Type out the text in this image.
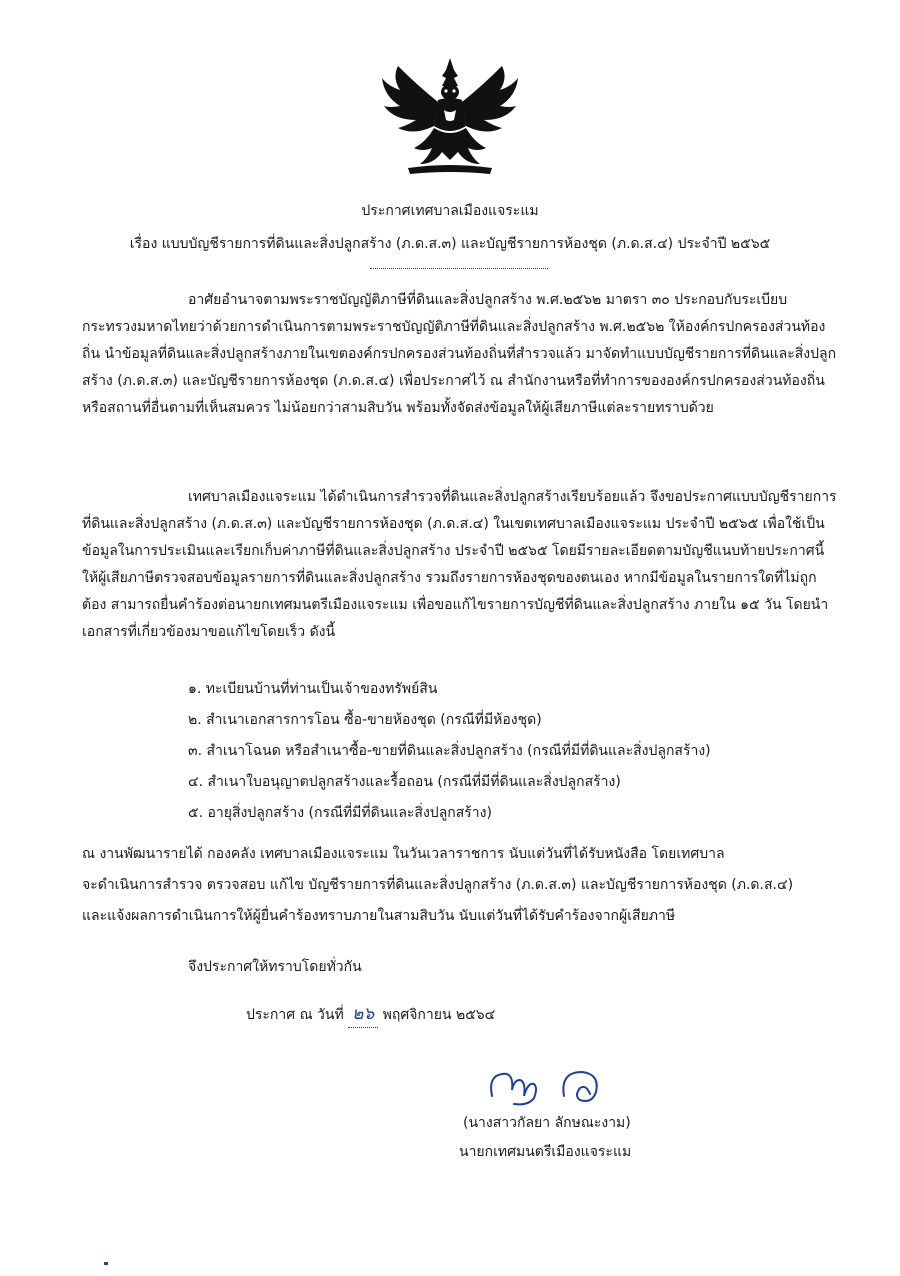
ประกาศเทศบาลเมืองแจระแม
เรื่อง แบบบัญชีรายการที่ดินและสิ่งปลูกสร้าง (ภ.ด.ส.๓) และบัญชีรายการห้องชุด (ภ.ด.ส.๔) ประจำปี ๒๕๖๕

อาศัยอำนาจตามพระราชบัญญัติภาษีที่ดินและสิ่งปลูกสร้าง พ.ศ.๒๕๖๒ มาตรา ๓๐ ประกอบกับระเบียบกระทรวงมหาดไทยว่าด้วยการดำเนินการตามพระราชบัญญัติภาษีที่ดินและสิ่งปลูกสร้าง พ.ศ.๒๕๖๒ ให้องค์กรปกครองส่วนท้องถิ่น นำข้อมูลที่ดินและสิ่งปลูกสร้างภายในเขตองค์กรปกครองส่วนท้องถิ่นที่สำรวจแล้ว มาจัดทำแบบบัญชีรายการที่ดินและสิ่งปลูกสร้าง (ภ.ด.ส.๓) และบัญชีรายการห้องชุด (ภ.ด.ส.๔) เพื่อประกาศไว้ ณ สำนักงานหรือที่ทำการขององค์กรปกครองส่วนท้องถิ่น หรือสถานที่อื่นตามที่เห็นสมควร ไม่น้อยกว่าสามสิบวัน พร้อมทั้งจัดส่งข้อมูลให้ผู้เสียภาษีแต่ละรายทราบด้วย

เทศบาลเมืองแจระแม ได้ดำเนินการสำรวจที่ดินและสิ่งปลูกสร้างเรียบร้อยแล้ว จึงขอประกาศแบบบัญชีรายการที่ดินและสิ่งปลูกสร้าง (ภ.ด.ส.๓) และบัญชีรายการห้องชุด (ภ.ด.ส.๔) ในเขตเทศบาลเมืองแจระแม ประจำปี ๒๕๖๕ เพื่อใช้เป็นข้อมูลในการประเมินและเรียกเก็บค่าภาษีที่ดินและสิ่งปลูกสร้าง ประจำปี ๒๕๖๕ โดยมีรายละเอียดตามบัญชีแนบท้ายประกาศนี้ ให้ผู้เสียภาษีตรวจสอบข้อมูลรายการที่ดินและสิ่งปลูกสร้าง รวมถึงรายการห้องชุดของตนเอง หากมีข้อมูลในรายการใดที่ไม่ถูกต้อง สามารถยื่นคำร้องต่อนายกเทศมนตรีเมืองแจระแม เพื่อขอแก้ไขรายการบัญชีที่ดินและสิ่งปลูกสร้าง ภายใน ๑๕ วัน โดยนำเอกสารที่เกี่ยวข้องมาขอแก้ไขโดยเร็ว ดังนี้

๑. ทะเบียนบ้านที่ท่านเป็นเจ้าของทรัพย์สิน
๒. สำเนาเอกสารการโอน ซื้อ-ขายห้องชุด (กรณีที่มีห้องชุด)
๓. สำเนาโฉนด หรือสำเนาซื้อ-ขายที่ดินและสิ่งปลูกสร้าง (กรณีที่มีที่ดินและสิ่งปลูกสร้าง)
๔. สำเนาใบอนุญาตปลูกสร้างและรื้อถอน (กรณีที่มีที่ดินและสิ่งปลูกสร้าง)
๕. อายุสิ่งปลูกสร้าง (กรณีที่มีที่ดินและสิ่งปลูกสร้าง)
ณ งานพัฒนารายได้ กองคลัง เทศบาลเมืองแจระแม ในวันเวลาราชการ นับแต่วันที่ได้รับหนังสือ โดยเทศบาล
จะดำเนินการสำรวจ ตรวจสอบ แก้ไข บัญชีรายการที่ดินและสิ่งปลูกสร้าง (ภ.ด.ส.๓) และบัญชีรายการห้องชุด (ภ.ด.ส.๔)
และแจ้งผลการดำเนินการให้ผู้ยื่นคำร้องทราบภายในสามสิบวัน นับแต่วันที่ได้รับคำร้องจากผู้เสียภาษี
จึงประกาศให้ทราบโดยทั่วกัน
ประกาศ ณ วันที่ ๒๖ พฤศจิกายน ๒๕๖๔
(นางสาวกัลยา ลักษณะงาม)
นายกเทศมนตรีเมืองแจระแม
